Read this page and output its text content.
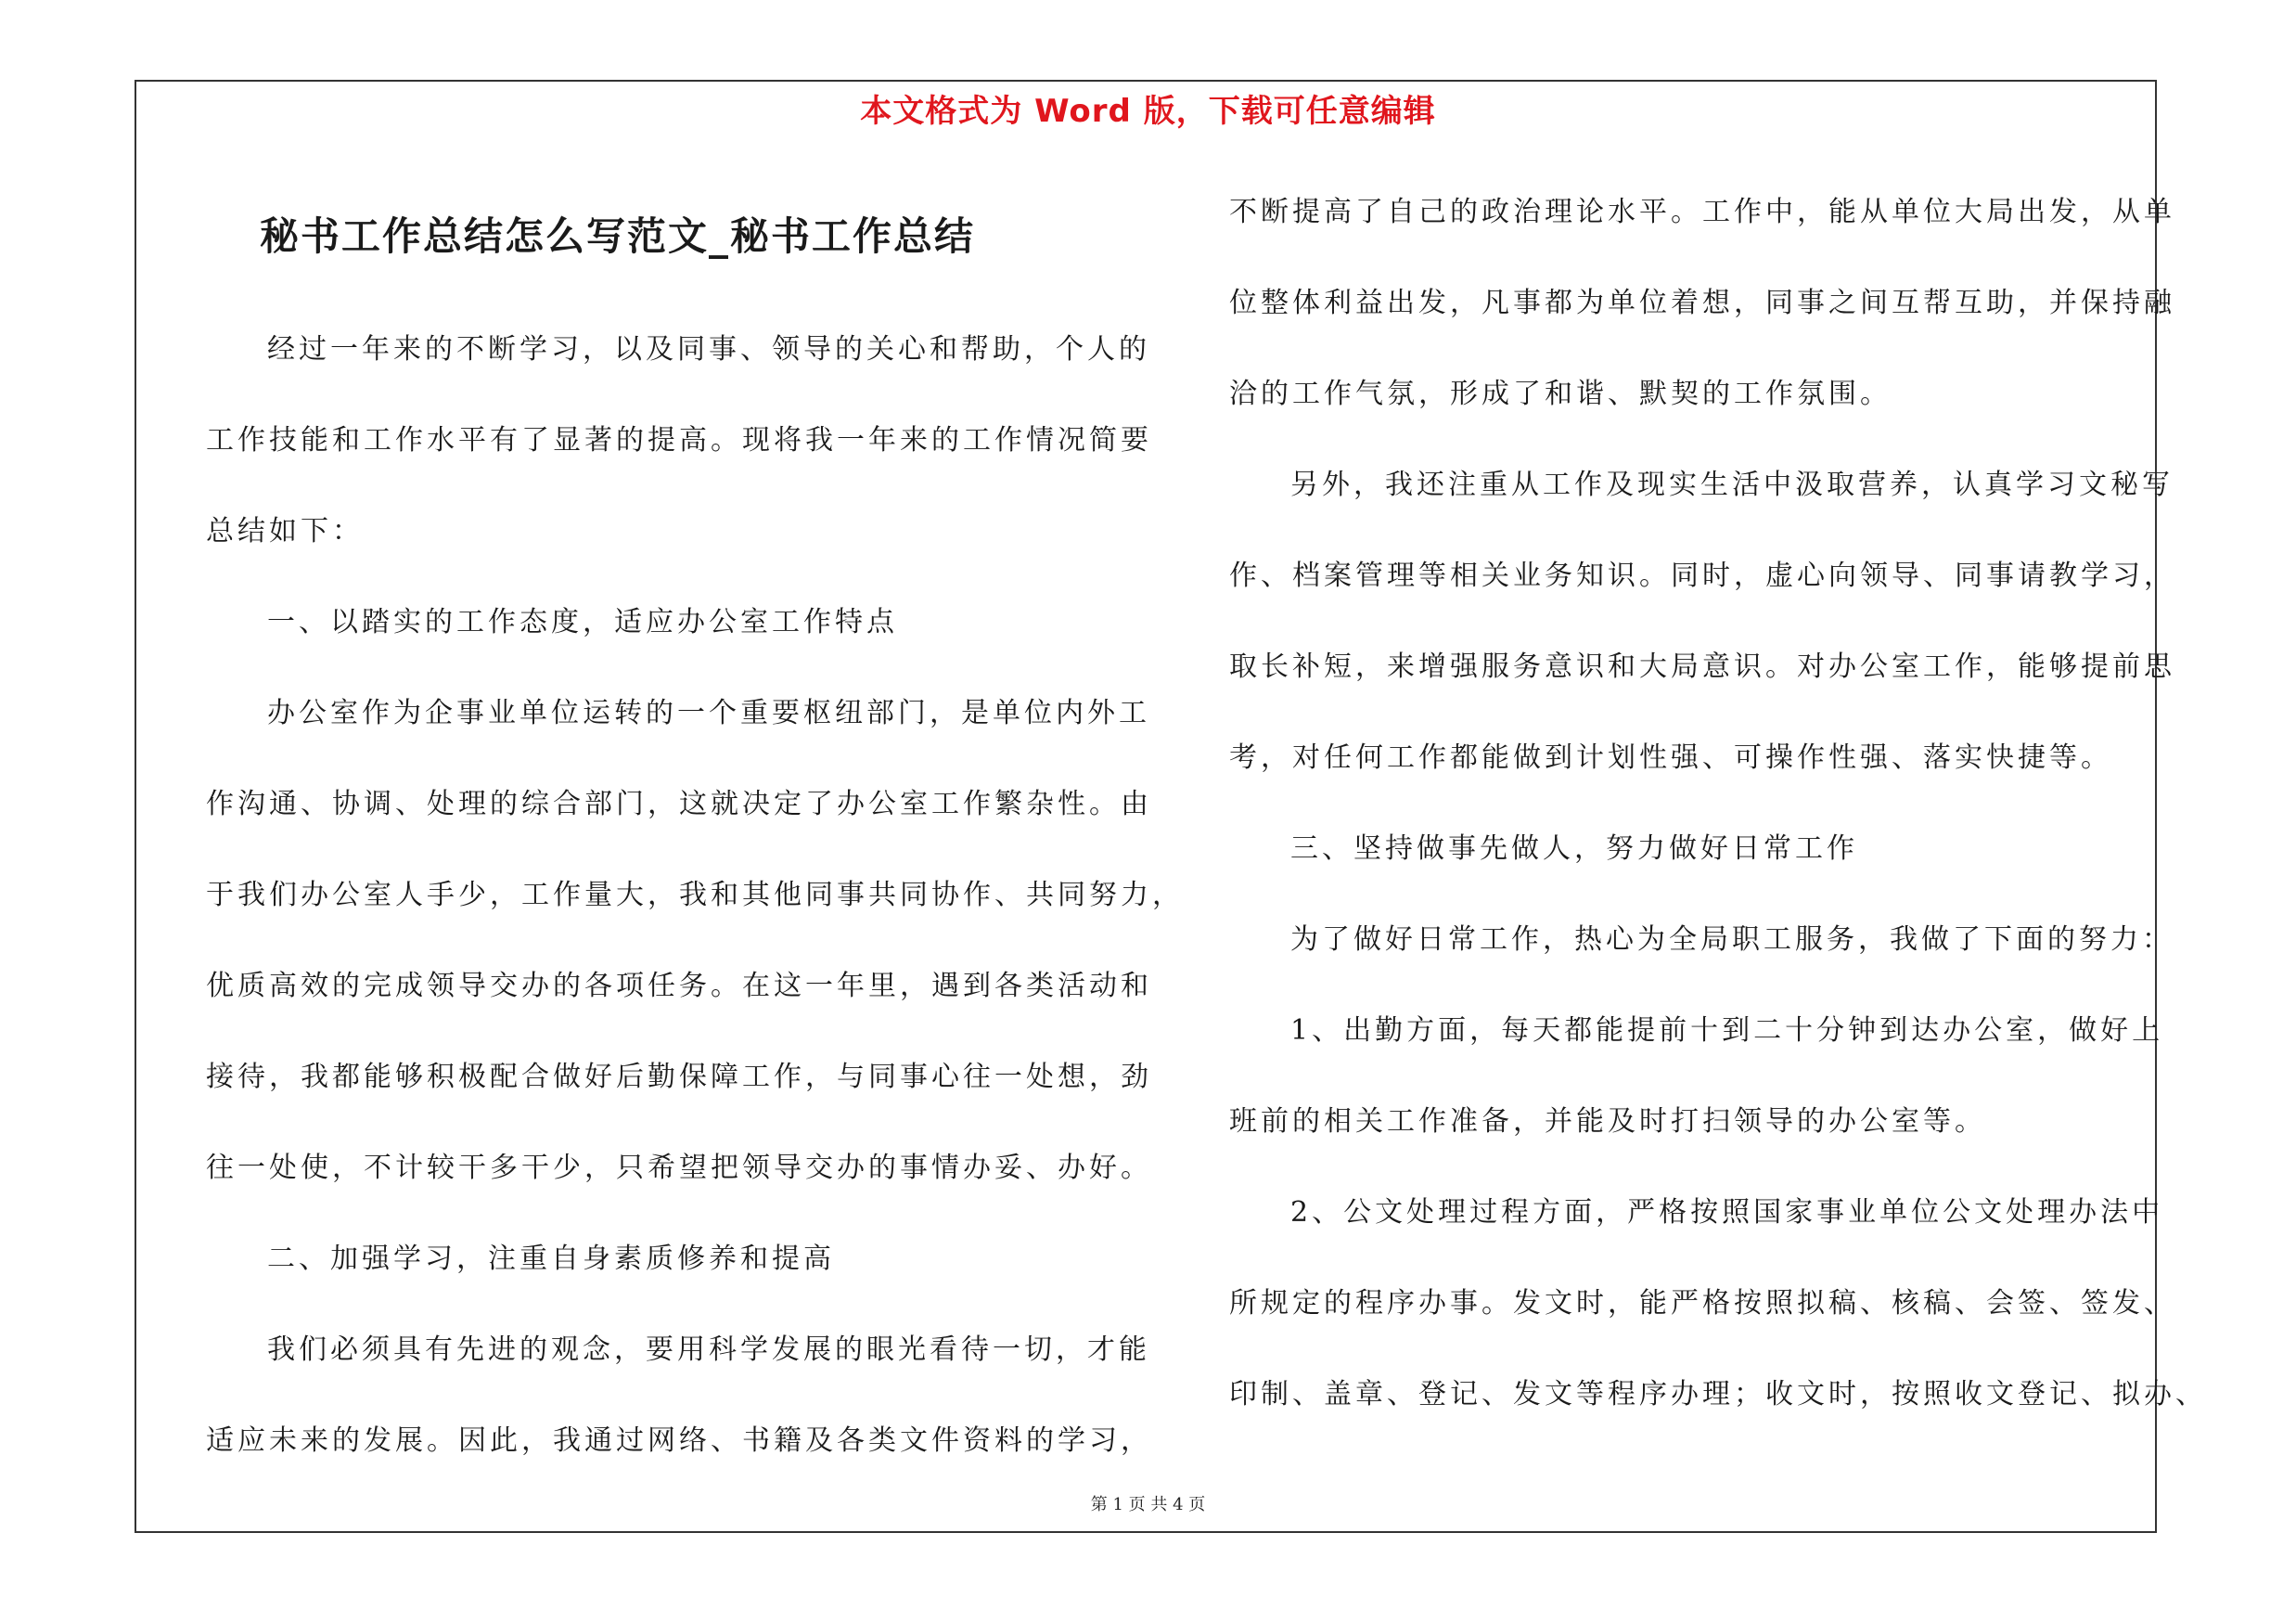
本文格式为 Word 版，下载可任意编辑
秘书工作总结怎么写范文_秘书工作总结
经过一年来的不断学习，以及同事、领导的关心和帮助，个人的
工作技能和工作水平有了显著的提高。现将我一年来的工作情况简要
总结如下：
一、以踏实的工作态度，适应办公室工作特点
办公室作为企事业单位运转的一个重要枢纽部门，是单位内外工
作沟通、协调、处理的综合部门，这就决定了办公室工作繁杂性。由
于我们办公室人手少，工作量大，我和其他同事共同协作、共同努力，
优质高效的完成领导交办的各项任务。在这一年里，遇到各类活动和
接待，我都能够积极配合做好后勤保障工作，与同事心往一处想，劲
往一处使，不计较干多干少，只希望把领导交办的事情办妥、办好。
二、加强学习，注重自身素质修养和提高
我们必须具有先进的观念，要用科学发展的眼光看待一切，才能
适应未来的发展。因此，我通过网络、书籍及各类文件资料的学习，
不断提高了自己的政治理论水平。工作中，能从单位大局出发，从单
位整体利益出发，凡事都为单位着想，同事之间互帮互助，并保持融
洽的工作气氛，形成了和谐、默契的工作氛围。
另外，我还注重从工作及现实生活中汲取营养，认真学习文秘写
作、档案管理等相关业务知识。同时，虚心向领导、同事请教学习，
取长补短，来增强服务意识和大局意识。对办公室工作，能够提前思
考，对任何工作都能做到计划性强、可操作性强、落实快捷等。
三、坚持做事先做人，努力做好日常工作
为了做好日常工作，热心为全局职工服务，我做了下面的努力：
1、出勤方面，每天都能提前十到二十分钟到达办公室，做好上
班前的相关工作准备，并能及时打扫领导的办公室等。
2、公文处理过程方面，严格按照国家事业单位公文处理办法中
所规定的程序办事。发文时，能严格按照拟稿、核稿、会签、签发、
印制、盖章、登记、发文等程序办理；收文时，按照收文登记、拟办、
第 1 页 共 4 页
